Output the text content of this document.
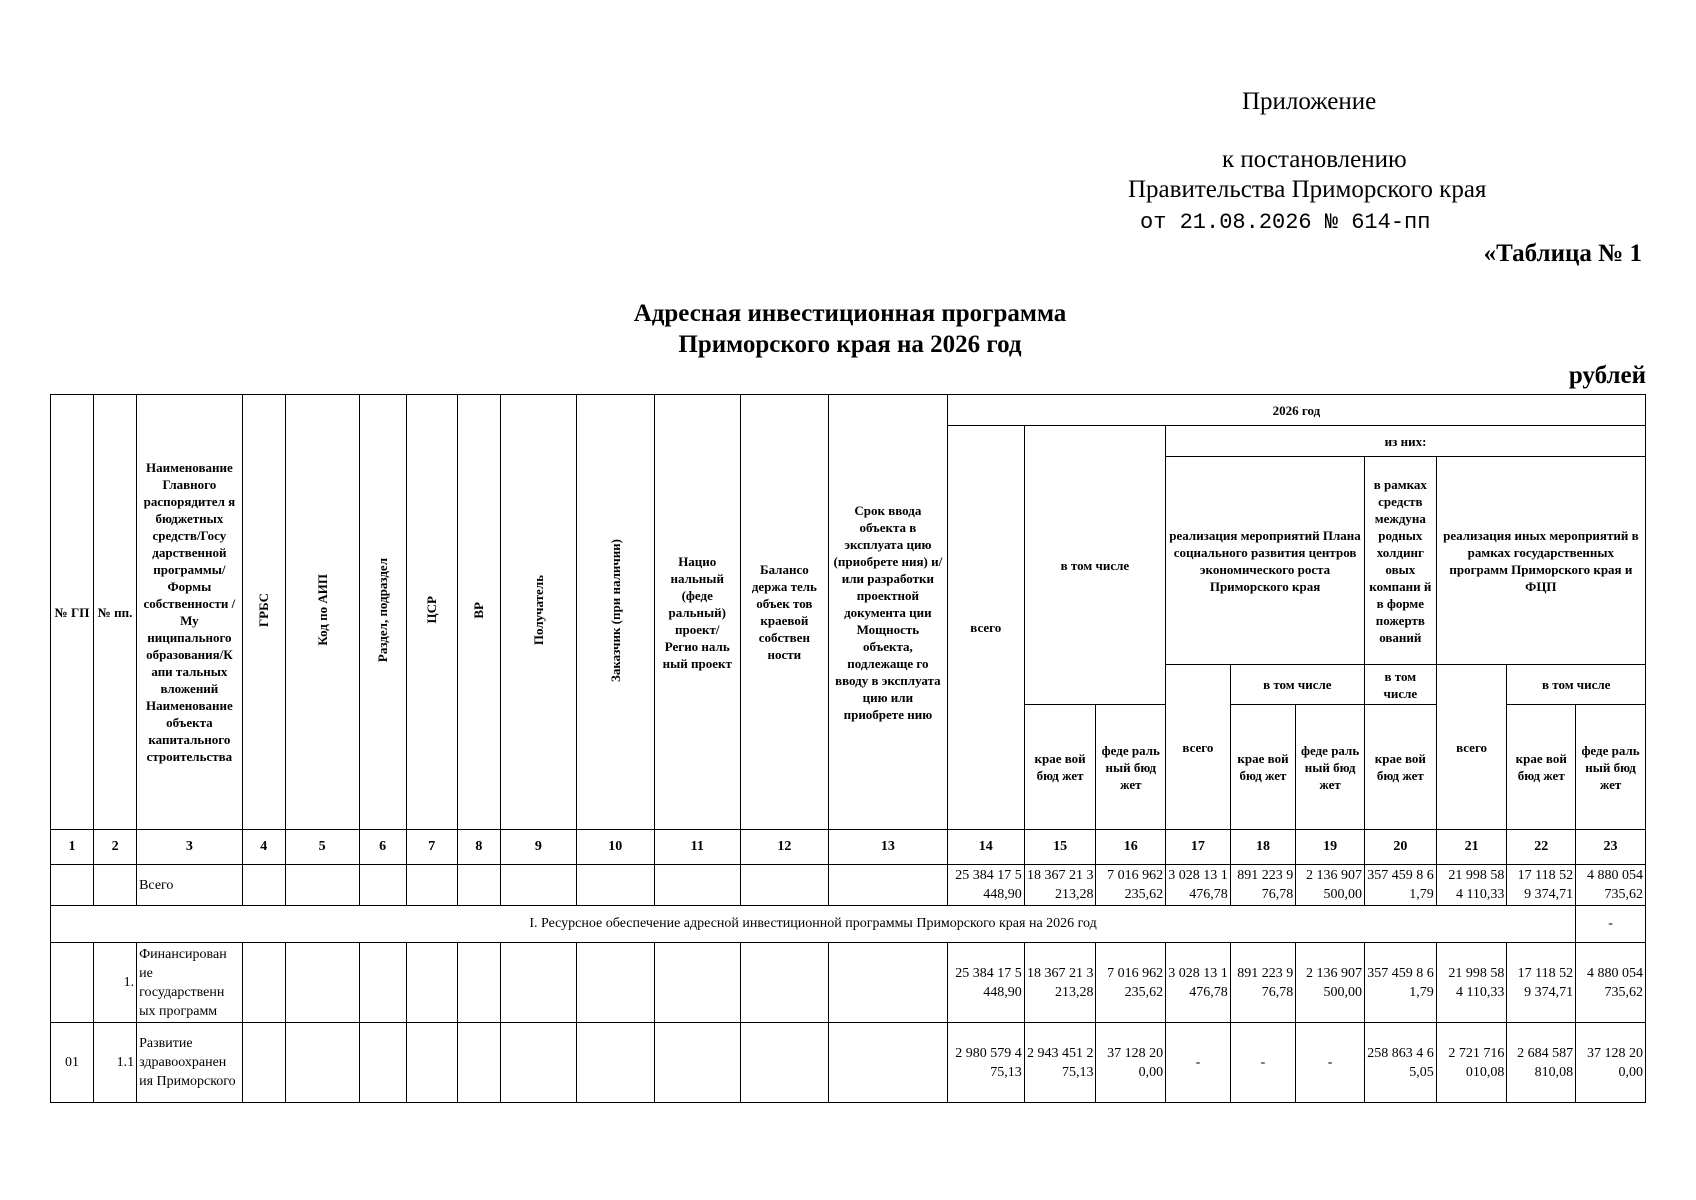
Приложение
к постановлению
Правительства Приморского края
от 21.08.2026 № 614-пп
«Таблица № 1
Адресная инвестиционная программа
Приморского края на 2026 год
рублей
№ ГП	№ пп.	Наименование Главного распорядител я бюджетных средств/Госу дарственной программы/ Формы собственности /Му ниципального образования/К апи тальных вложений Наименование объекта капитального строительства	ГРБС	Код по АИП	Раздел, подраздел	ЦСР	ВР	Получатель	Заказчик (при наличии)	Нацио нальный (феде ральный) проект/ Регио наль ный проект	Балансо держа тель объек тов краевой собствен ности	Срок ввода объекта в эксплуата цию (приобрете ния) и/или разработки проектной документа ции Мощность объекта, подлежаще го вводу в эксплуата цию или приобрете нию	2026 год									
													всего	в том числе		из них:						
																реализация мероприятий Плана социального развития центров экономического роста Приморского края			в рамках средств междуна родных холдинг овых компани й в форме пожертв ований	реализация иных мероприятий в рамках государственных программ Приморского края и ФЦП		
																всего	в том числе		в том числе	всего	в том числе	
														крае вой бюд жет	феде раль ный бюд жет		крае вой бюд жет	феде раль ный бюд жет	крае вой бюд жет		крае вой бюд жет	феде раль ный бюд жет
1	2	3	4	5	6	7	8	9	10	11	12	13	14	15	16	17	18	19	20	21	22	23
		Всего											25 384 17 5 448,90	18 367 21 3 213,28	7 016 962 235,62	3 028 13 1 476,78	891 223 976,78	2 136 907 500,00	357 459 8 61,79	21 998 58 4 110,33	17 118 52 9 374,71	4 880 054 735,62
I. Ресурсное обеспечение адресной инвестиционной программы Приморского края на 2026 год																						-
	1.	Финансирован ие государственн ых программ											25 384 17 5 448,90	18 367 21 3 213,28	7 016 962 235,62	3 028 13 1 476,78	891 223 976,78	2 136 907 500,00	357 459 8 61,79	21 998 58 4 110,33	17 118 52 9 374,71	4 880 054 735,62
01	1.1	Развитие здравоохранен ия Приморского											2 980 579 475,13	2 943 451 275,13	37 128 20 0,00	-	-	-	258 863 4 65,05	2 721 716 010,08	2 684 587 810,08	37 128 20 0,00
